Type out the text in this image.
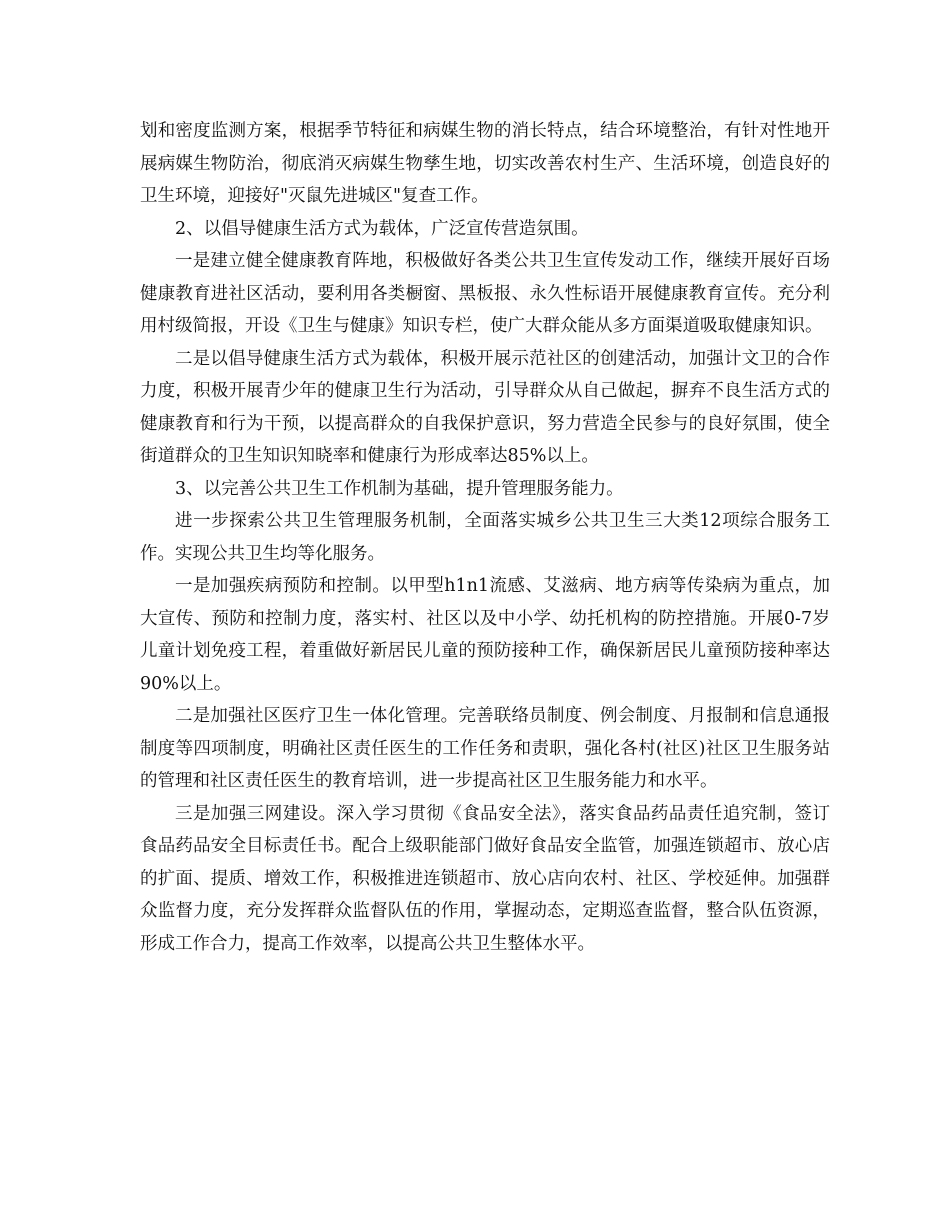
划和密度监测方案，根据季节特征和病媒生物的消长特点，结合环境整治，有针对性地开展病媒生物防治，彻底消灭病媒生物孳生地，切实改善农村生产、生活环境，创造良好的卫生环境，迎接好"灭鼠先进城区"复查工作。

2、以倡导健康生活方式为载体，广泛宣传营造氛围。

一是建立健全健康教育阵地，积极做好各类公共卫生宣传发动工作，继续开展好百场健康教育进社区活动，要利用各类橱窗、黑板报、永久性标语开展健康教育宣传。充分利用村级简报，开设《卫生与健康》知识专栏，使广大群众能从多方面渠道吸取健康知识。

二是以倡导健康生活方式为载体，积极开展示范社区的创建活动，加强计文卫的合作力度，积极开展青少年的健康卫生行为活动，引导群众从自己做起，摒弃不良生活方式的健康教育和行为干预，以提高群众的自我保护意识，努力营造全民参与的良好氛围，使全街道群众的卫生知识知晓率和健康行为形成率达85%以上。

3、以完善公共卫生工作机制为基础，提升管理服务能力。

进一步探索公共卫生管理服务机制，全面落实城乡公共卫生三大类12项综合服务工作。实现公共卫生均等化服务。

一是加强疾病预防和控制。以甲型h1n1流感、艾滋病、地方病等传染病为重点，加大宣传、预防和控制力度，落实村、社区以及中小学、幼托机构的防控措施。开展0-7岁儿童计划免疫工程，着重做好新居民儿童的预防接种工作，确保新居民儿童预防接种率达90%以上。

二是加强社区医疗卫生一体化管理。完善联络员制度、例会制度、月报制和信息通报制度等四项制度，明确社区责任医生的工作任务和责职，强化各村(社区)社区卫生服务站的管理和社区责任医生的教育培训，进一步提高社区卫生服务能力和水平。

三是加强三网建设。深入学习贯彻《食品安全法》，落实食品药品责任追究制，签订食品药品安全目标责任书。配合上级职能部门做好食品安全监管，加强连锁超市、放心店的扩面、提质、增效工作，积极推进连锁超市、放心店向农村、社区、学校延伸。加强群众监督力度，充分发挥群众监督队伍的作用，掌握动态，定期巡查监督，整合队伍资源，形成工作合力，提高工作效率，以提高公共卫生整体水平。
